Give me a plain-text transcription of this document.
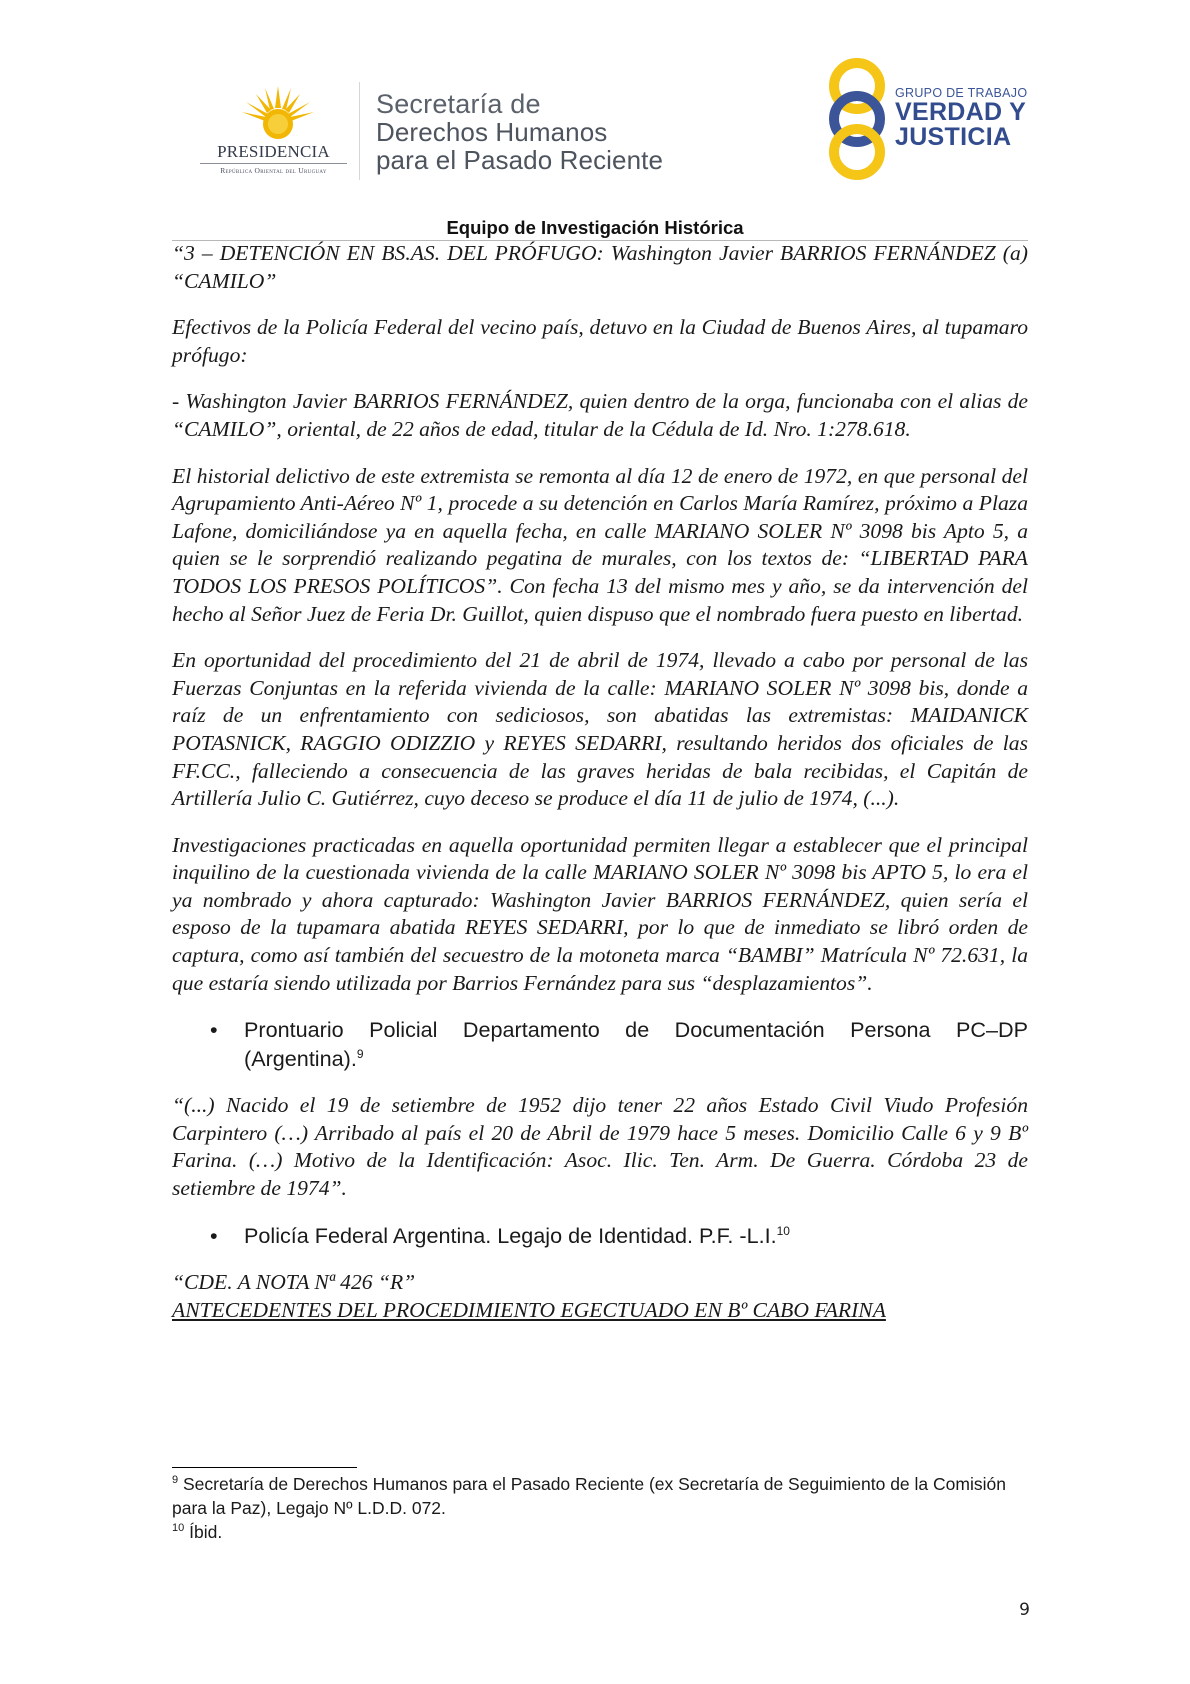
PRESIDENCIA
República Oriental del Uruguay
Secretaría de
Derechos Humanos
para el Pasado Reciente
GRUPO DE TRABAJO
VERDAD Y
JUSTICIA
Equipo de Investigación Histórica

“3 – DETENCIÓN EN BS.AS. DEL PRÓFUGO: Washington Javier BARRIOS FERNÁNDEZ (a) “CAMILO”

Efectivos de la Policía Federal del vecino país, detuvo en la Ciudad de Buenos Aires, al tupamaro prófugo:

- Washington Javier BARRIOS FERNÁNDEZ, quien dentro de la orga, funcionaba con el alias de “CAMILO”, oriental, de 22 años de edad, titular de la Cédula de Id. Nro. 1:278.618.

El historial delictivo de este extremista se remonta al día 12 de enero de 1972, en que personal del Agrupamiento Anti-Aéreo Nº 1, procede a su detención en Carlos María Ramírez, próximo a Plaza Lafone, domiciliándose ya en aquella fecha, en calle MARIANO SOLER Nº 3098 bis Apto 5, a quien se le sorprendió realizando pegatina de murales, con los textos de: “LIBERTAD PARA TODOS LOS PRESOS POLÍTICOS”. Con fecha 13 del mismo mes y año, se da intervención del hecho al Señor Juez de Feria Dr. Guillot, quien dispuso que el nombrado fuera puesto en libertad.

En oportunidad del procedimiento del 21 de abril de 1974, llevado a cabo por personal de las Fuerzas Conjuntas en la referida vivienda de la calle: MARIANO SOLER Nº 3098 bis, donde a raíz de un enfrentamiento con sediciosos, son abatidas las extremistas: MAIDANICK POTASNICK, RAGGIO ODIZZIO y REYES SEDARRI, resultando heridos dos oficiales de las FF.CC., falleciendo a consecuencia de las graves heridas de bala recibidas, el Capitán de Artillería Julio C. Gutiérrez, cuyo deceso se produce el día 11 de julio de 1974, (...).

Investigaciones practicadas en aquella oportunidad permiten llegar a establecer que el principal inquilino de la cuestionada vivienda de la calle MARIANO SOLER Nº 3098 bis APTO 5, lo era el ya nombrado y ahora capturado: Washington Javier BARRIOS FERNÁNDEZ, quien sería el esposo de la tupamara abatida REYES SEDARRI, por lo que de inmediato se libró orden de captura, como así también del secuestro de la motoneta marca “BAMBI” Matrícula Nº 72.631, la que estaría siendo utilizada por Barrios Fernández para sus “desplazamientos”.

• Prontuario Policial Departamento de Documentación Persona PC–DP (Argentina).$^9$

“(...) Nacido el 19 de setiembre de 1952 dijo tener 22 años Estado Civil Viudo Profesión Carpintero (…) Arribado al país el 20 de Abril de 1979 hace 5 meses. Domicilio Calle 6 y 9 Bº Farina. (…) Motivo de la Identificación: Asoc. Ilic. Ten. Arm. De Guerra. Córdoba 23 de setiembre de 1974”.

• Policía Federal Argentina. Legajo de Identidad. P.F. -L.I.$^{10}$

“CDE. A NOTA Nª 426 “R”

ANTECEDENTES DEL PROCEDIMIENTO EGECTUADO EN Bº CABO FARINA

$^9$ Secretaría de Derechos Humanos para el Pasado Reciente (ex Secretaría de Seguimiento de la Comisión para la Paz), Legajo Nº L.D.D. 072.

$^{10}$ Íbid.

9
